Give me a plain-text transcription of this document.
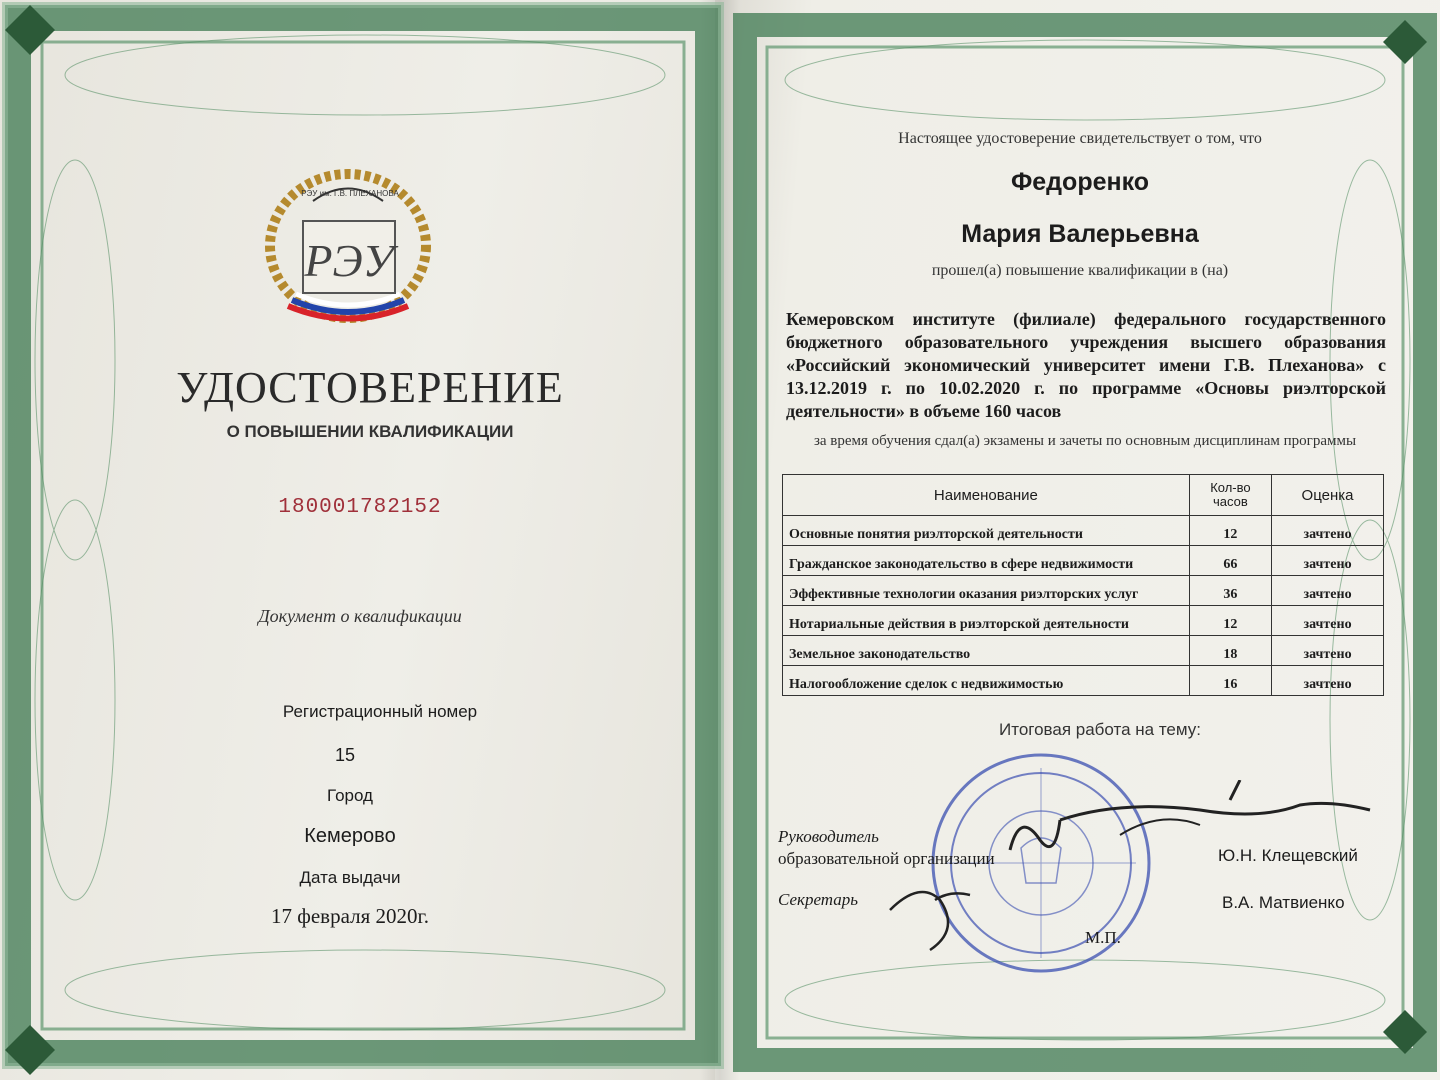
РЭУ
РЭУ им. Г.В. ПЛЕХАНОВА
УДОСТОВЕРЕНИЕ
О ПОВЫШЕНИИ КВАЛИФИКАЦИИ
180001782152
Документ о квалификации
Регистрационный номер
15
Город
Кемерово
Дата выдачи
17 февраля 2020г.
Настоящее удостоверение свидетельствует о том, что
Федоренко
Мария Валерьевна
прошел(а) повышение квалификации в (на)
Кемеровском институте (филиале) федерального государственного бюджетного образовательного учреждения высшего образования «Российский экономический университет имени Г.В. Плеханова» с 13.12.2019 г. по 10.02.2020 г. по программе «Основы риэлторской деятельности» в объеме 160 часов
за время обучения сдал(а) экзамены и зачеты по основным дисциплинам программы
Наименование	Кол-во часов	Оценка
Основные понятия риэлторской деятельности	12	зачтено
Гражданское законодательство в сфере недвижимости	66	зачтено
Эффективные технологии оказания риэлторских услуг	36	зачтено
Нотариальные действия в риэлторской деятельности	12	зачтено
Земельное законодательство	18	зачтено
Налогообложение сделок с недвижимостью	16	зачтено
Итоговая работа на тему:
Руководитель
образовательной организации	Ю.Н. Клещевский
Секретарь	В.А. Матвиенко
М.П.
